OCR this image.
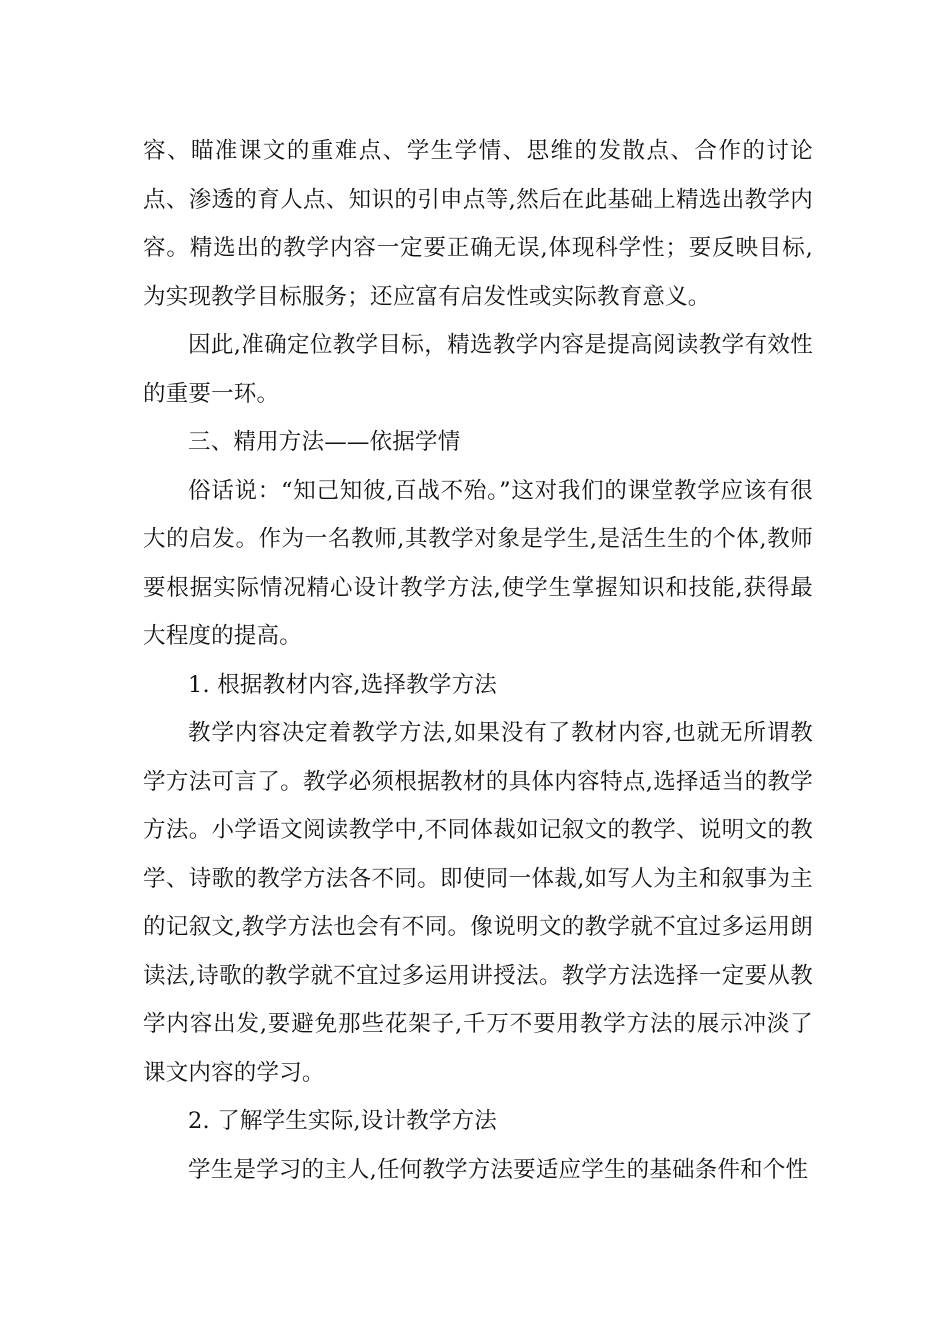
容、瞄准课文的重难点、学生学情、思维的发散点、合作的讨论点、渗透的育人点、知识的引申点等,然后在此基础上精选出教学内容。精选出的教学内容一定要正确无误,体现科学性；要反映目标,为实现教学目标服务；还应富有启发性或实际教育意义。

因此,准确定位教学目标，精选教学内容是提高阅读教学有效性的重要一环。

三、精用方法——依据学情

俗话说：“知己知彼,百战不殆。”这对我们的课堂教学应该有很大的启发。作为一名教师,其教学对象是学生,是活生生的个体,教师要根据实际情况精心设计教学方法,使学生掌握知识和技能,获得最大程度的提高。

1. 根据教材内容,选择教学方法

教学内容决定着教学方法,如果没有了教材内容,也就无所谓教学方法可言了。教学必须根据教材的具体内容特点,选择适当的教学方法。小学语文阅读教学中,不同体裁如记叙文的教学、说明文的教学、诗歌的教学方法各不同。即使同一体裁,如写人为主和叙事为主的记叙文,教学方法也会有不同。像说明文的教学就不宜过多运用朗读法,诗歌的教学就不宜过多运用讲授法。教学方法选择一定要从教学内容出发,要避免那些花架子,千万不要用教学方法的展示冲淡了课文内容的学习。

2. 了解学生实际,设计教学方法

学生是学习的主人,任何教学方法要适应学生的基础条件和个性
